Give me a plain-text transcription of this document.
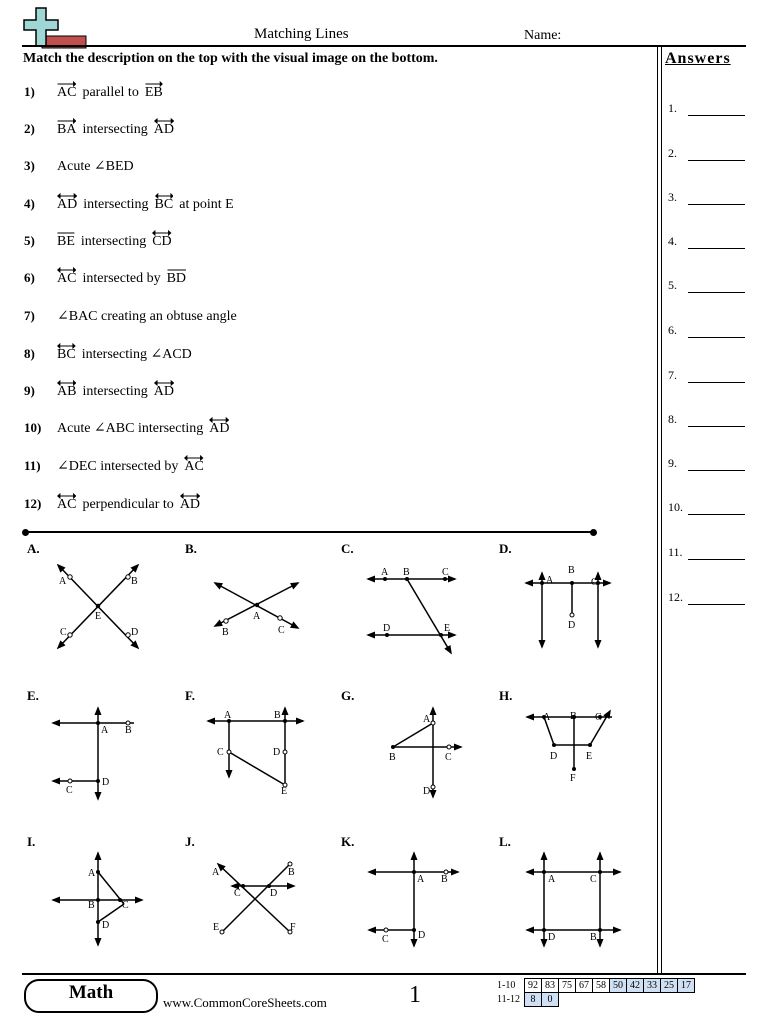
Matching Lines	Name:
Match the description on the top with the visual image on the bottom.	Answers
1) AC parallel to EB
2) BA intersecting AD
3) Acute ∠BED
4) AD intersecting BC at point E
5) BE intersecting CD
6) AC intersected by BD
7) ∠BAC creating an obtuse angle
8) BC intersecting ∠ACD
9) AB intersecting AD
10) Acute ∠ABC intersecting AD
11) ∠DEC intersected by AC
12) AC perpendicular to AD
1.
2.
3.
4.
5.
6.
7.
8.
9.
10.
11.
12.
A.	B.	C.	D.
E.	F.	G.	H.
I.	J.	K.	L.
A	B
E
C	D
A
B	C
A B	C
D	E
A
B
C
D
A B
D
C
A	B
C	D
E
A
B	C
D
A B C
D	E
F
A
B	C
D
A	B
C	D
E	F
A B
D
C
A	C
D	B
Math	www.CommonCoreSheets.com	1	1-10	92	83	75	67	58	50	42	33	25	17
11-12	8	0								
